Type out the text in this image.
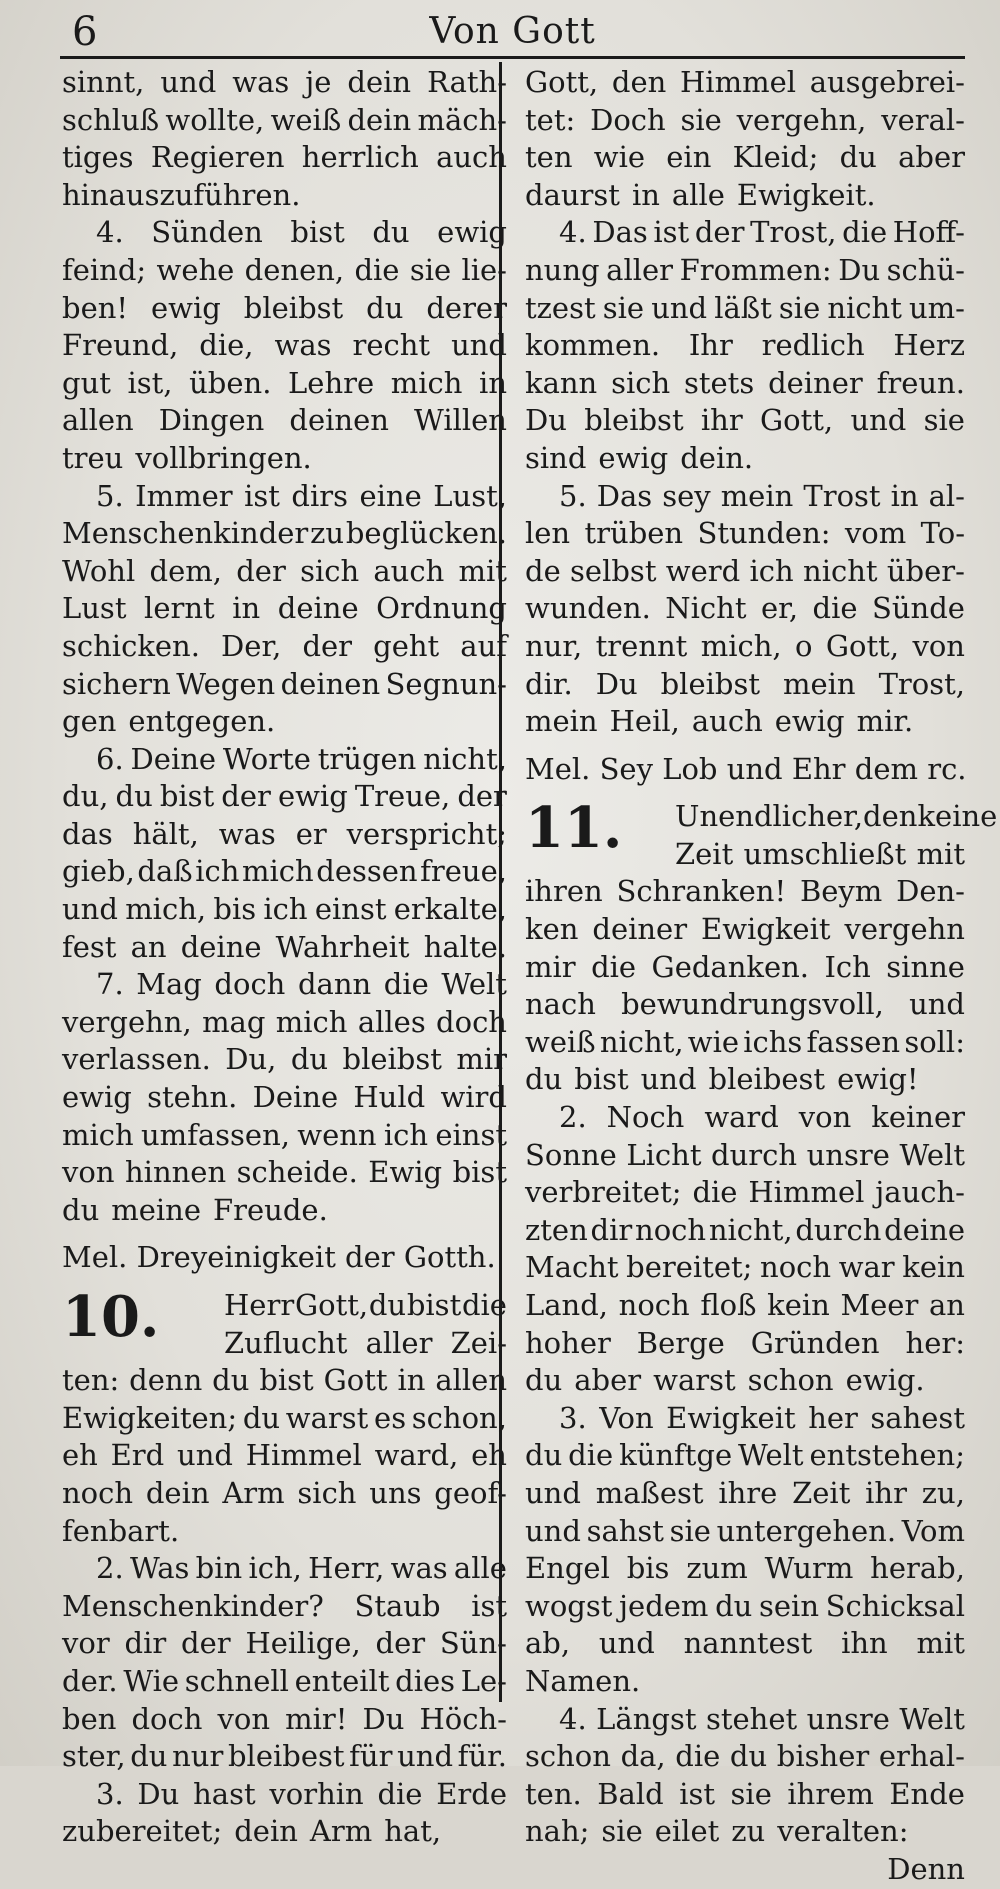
6	Von Gott
sinnt, und was je dein Rath-
schluß wollte, weiß dein mäch-
tiges Regieren herrlich auch
hinauszuführen.
4. Sünden bist du ewig
feind; wehe denen, die sie lie-
ben! ewig bleibst du derer
Freund, die, was recht und
gut ist, üben. Lehre mich in
allen Dingen deinen Willen
treu vollbringen.
5. Immer ist dirs eine Lust,
Menschenkinder zu beglücken.
Wohl dem, der sich auch mit
Lust lernt in deine Ordnung
schicken. Der, der geht auf
sichern Wegen deinen Segnun-
gen entgegen.
6. Deine Worte trügen nicht,
du, du bist der ewig Treue, der
das hält, was er verspricht;
gieb, daß ich mich dessen freue,
und mich, bis ich einst erkalte,
fest an deine Wahrheit halte.
7. Mag doch dann die Welt
vergehn, mag mich alles doch
verlassen. Du, du bleibst mir
ewig stehn. Deine Huld wird
mich umfassen, wenn ich einst
von hinnen scheide. Ewig bist
du meine Freude.
Mel. Dreyeinigkeit der Gotth.
10. Herr Gott, du bist die
Zuflucht aller Zei-
ten: denn du bist Gott in allen
Ewigkeiten; du warst es schon,
eh Erd und Himmel ward, eh
noch dein Arm sich uns geof-
fenbart.
2. Was bin ich, Herr, was alle
Menschenkinder? Staub ist
vor dir der Heilige, der Sün-
der. Wie schnell enteilt dies Le-
ben doch von mir! Du Höch-
ster, du nur bleibest für und für.
3. Du hast vorhin die Erde
zubereitet; dein Arm hat,
Gott, den Himmel ausgebrei-
tet: Doch sie vergehn, veral-
ten wie ein Kleid; du aber
daurst in alle Ewigkeit.
4. Das ist der Trost, die Hoff-
nung aller Frommen: Du schü-
tzest sie und läßt sie nicht um-
kommen. Ihr redlich Herz
kann sich stets deiner freun.
Du bleibst ihr Gott, und sie
sind ewig dein.
5. Das sey mein Trost in al-
len trüben Stunden: vom To-
de selbst werd ich nicht über-
wunden. Nicht er, die Sünde
nur, trennt mich, o Gott, von
dir. Du bleibst mein Trost,
mein Heil, auch ewig mir.
Mel. Sey Lob und Ehr dem rc.
11. Unendlicher, den keine
Zeit umschließt mit
ihren Schranken! Beym Den-
ken deiner Ewigkeit vergehn
mir die Gedanken. Ich sinne
nach bewundrungsvoll, und
weiß nicht, wie ichs fassen soll:
du bist und bleibest ewig!
2. Noch ward von keiner
Sonne Licht durch unsre Welt
verbreitet; die Himmel jauch-
zten dir noch nicht, durch deine
Macht bereitet; noch war kein
Land, noch floß kein Meer an
hoher Berge Gründen her:
du aber warst schon ewig.
3. Von Ewigkeit her sahest
du die künftge Welt entstehen;
und maßest ihre Zeit ihr zu,
und sahst sie untergehen. Vom
Engel bis zum Wurm herab,
wogst jedem du sein Schicksal
ab, und nanntest ihn mit
Namen.
4. Längst stehet unsre Welt
schon da, die du bisher erhal-
ten. Bald ist sie ihrem Ende
nah; sie eilet zu veralten:
Denn
